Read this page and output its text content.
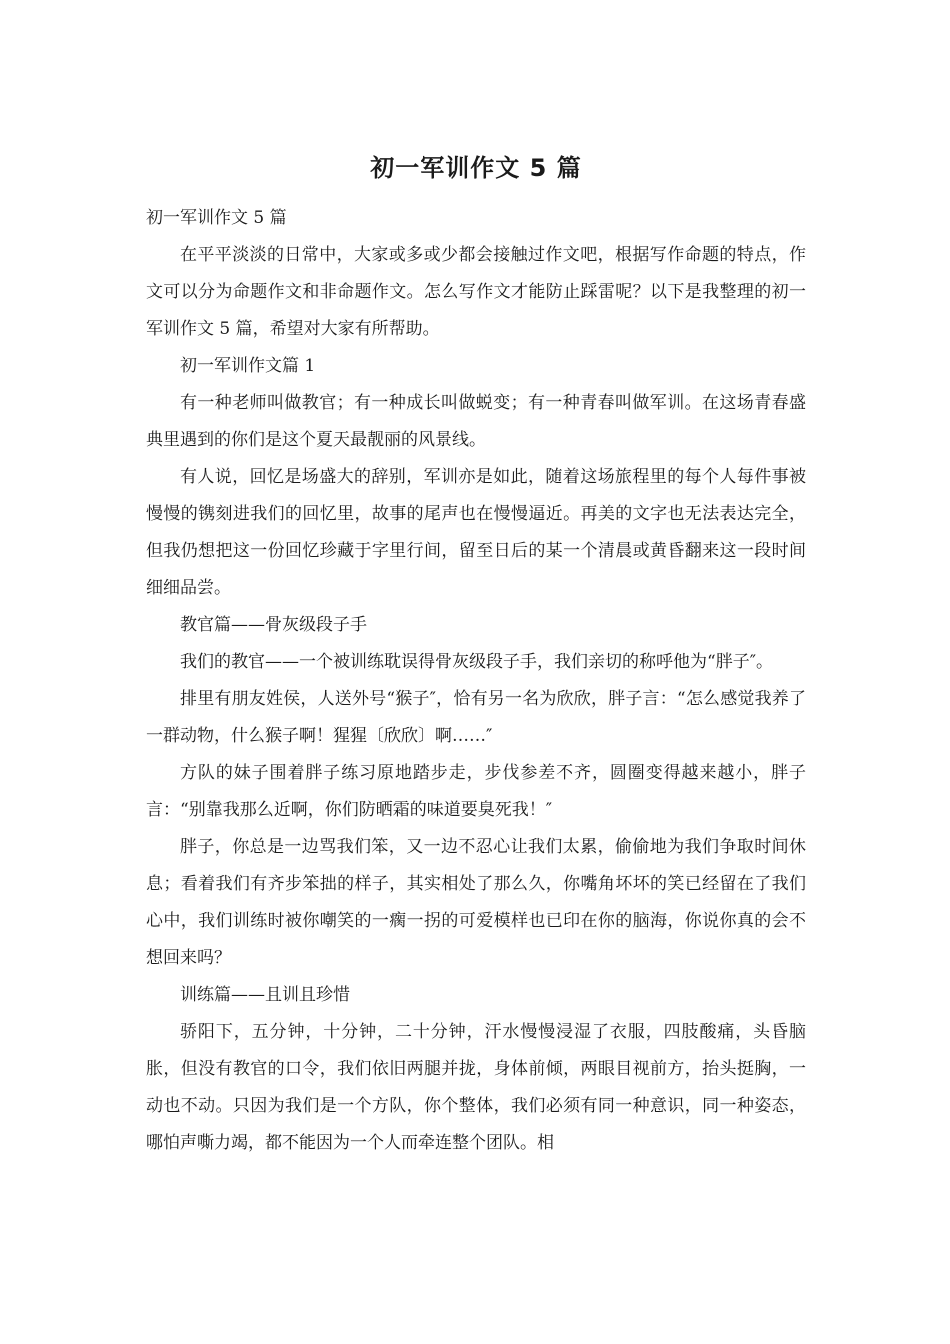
初一军训作文 5 篇

初一军训作文 5 篇

在平平淡淡的日常中，大家或多或少都会接触过作文吧，根据写作命题的特点，作文可以分为命题作文和非命题作文。怎么写作文才能防止踩雷呢？以下是我整理的初一军训作文 5 篇，希望对大家有所帮助。

初一军训作文篇 1

有一种老师叫做教官；有一种成长叫做蜕变；有一种青春叫做军训。在这场青春盛典里遇到的你们是这个夏天最靓丽的风景线。

有人说，回忆是场盛大的辞别，军训亦是如此，随着这场旅程里的每个人每件事被慢慢的镌刻进我们的回忆里，故事的尾声也在慢慢逼近。再美的文字也无法表达完全，但我仍想把这一份回忆珍藏于字里行间，留至日后的某一个清晨或黄昏翻来这一段时间细细品尝。

教官篇——骨灰级段子手

我们的教官——一个被训练耽误得骨灰级段子手，我们亲切的称呼他为“胖子″。

排里有朋友姓侯，人送外号“猴子″，恰有另一名为欣欣，胖子言：“怎么感觉我养了一群动物，什么猴子啊！猩猩〔欣欣〕啊……″

方队的妹子围着胖子练习原地踏步走，步伐参差不齐，圆圈变得越来越小，胖子言：“别靠我那么近啊，你们防晒霜的味道要臭死我！″

胖子，你总是一边骂我们笨，又一边不忍心让我们太累，偷偷地为我们争取时间休息；看着我们有齐步笨拙的样子，其实相处了那么久，你嘴角坏坏的笑已经留在了我们心中，我们训练时被你嘲笑的一瘸一拐的可爱模样也已印在你的脑海，你说你真的会不想回来吗？

训练篇——且训且珍惜

骄阳下，五分钟，十分钟，二十分钟，汗水慢慢浸湿了衣服，四肢酸痛，头昏脑胀，但没有教官的口令，我们依旧两腿并拢，身体前倾，两眼目视前方，抬头挺胸，一动也不动。只因为我们是一个方队，你个整体，我们必须有同一种意识，同一种姿态，哪怕声嘶力竭，都不能因为一个人而牵连整个团队。相
